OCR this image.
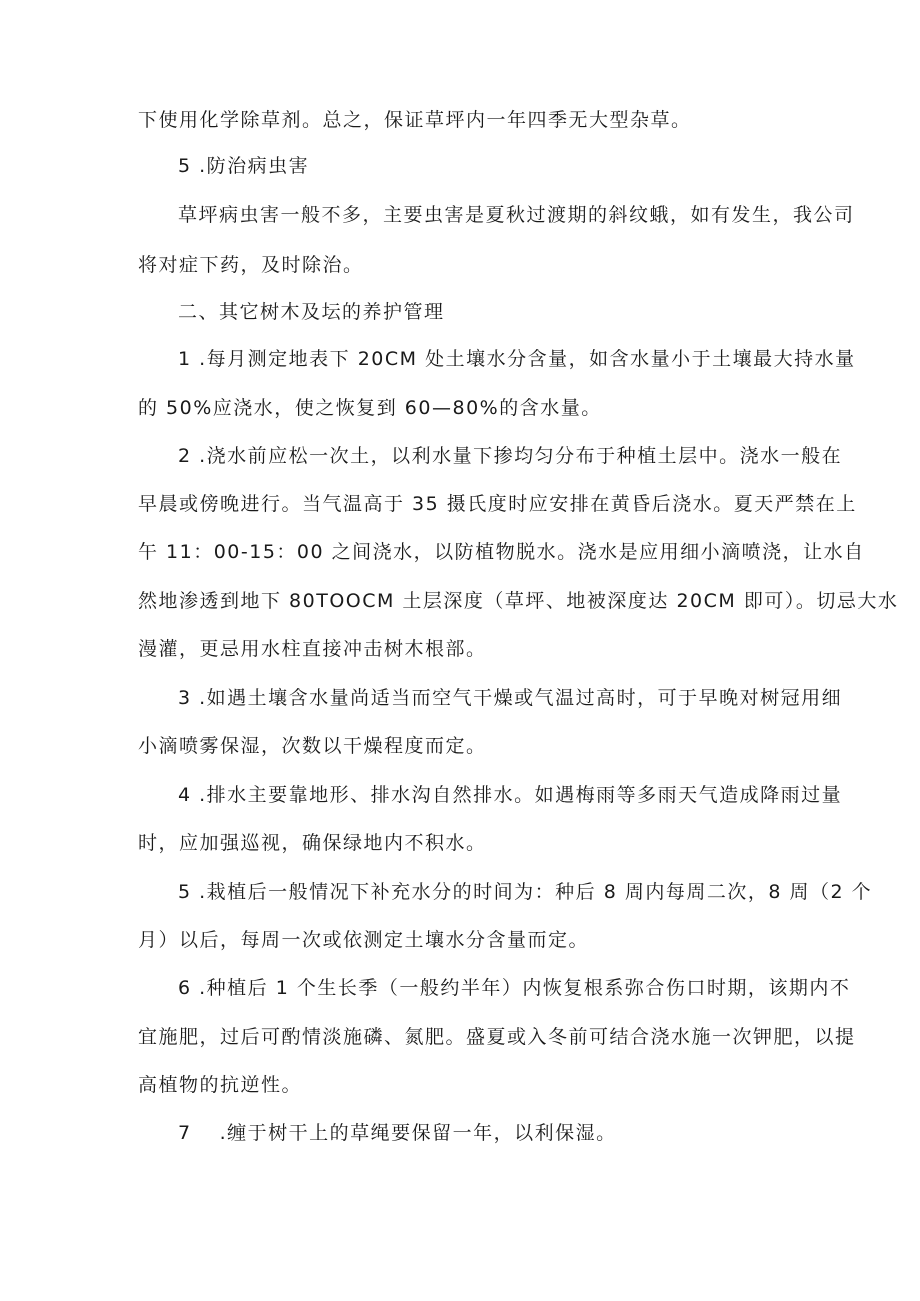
下使用化学除草剂。总之，保证草坪内一年四季无大型杂草。
5 .防治病虫害
草坪病虫害一般不多，主要虫害是夏秋过渡期的斜纹蛾，如有发生，我公司
将对症下药，及时除治。
二、其它树木及坛的养护管理
1 .每月测定地表下 20CM 处土壤水分含量，如含水量小于土壤最大持水量
的 50%应浇水，使之恢复到 60—80%的含水量。
2 .浇水前应松一次土，以利水量下掺均匀分布于种植土层中。浇水一般在
早晨或傍晚进行。当气温高于 35 摄氏度时应安排在黄昏后浇水。夏天严禁在上
午 11：00-15：00 之间浇水，以防植物脱水。浇水是应用细小滴喷浇，让水自
然地渗透到地下 80TOOCM 土层深度（草坪、地被深度达 20CM 即可）。切忌大水
漫灌，更忌用水柱直接冲击树木根部。
3 .如遇土壤含水量尚适当而空气干燥或气温过高时，可于早晚对树冠用细
小滴喷雾保湿，次数以干燥程度而定。
4 .排水主要靠地形、排水沟自然排水。如遇梅雨等多雨天气造成降雨过量
时，应加强巡视，确保绿地内不积水。
5 .栽植后一般情况下补充水分的时间为：种后 8 周内每周二次，8 周（2 个
月）以后，每周一次或依测定土壤水分含量而定。
6 .种植后 1 个生长季（一般约半年）内恢复根系弥合伤口时期，该期内不
宜施肥，过后可酌情淡施磷、氮肥。盛夏或入冬前可结合浇水施一次钾肥，以提
高植物的抗逆性。
7 .缠于树干上的草绳要保留一年，以利保湿。
